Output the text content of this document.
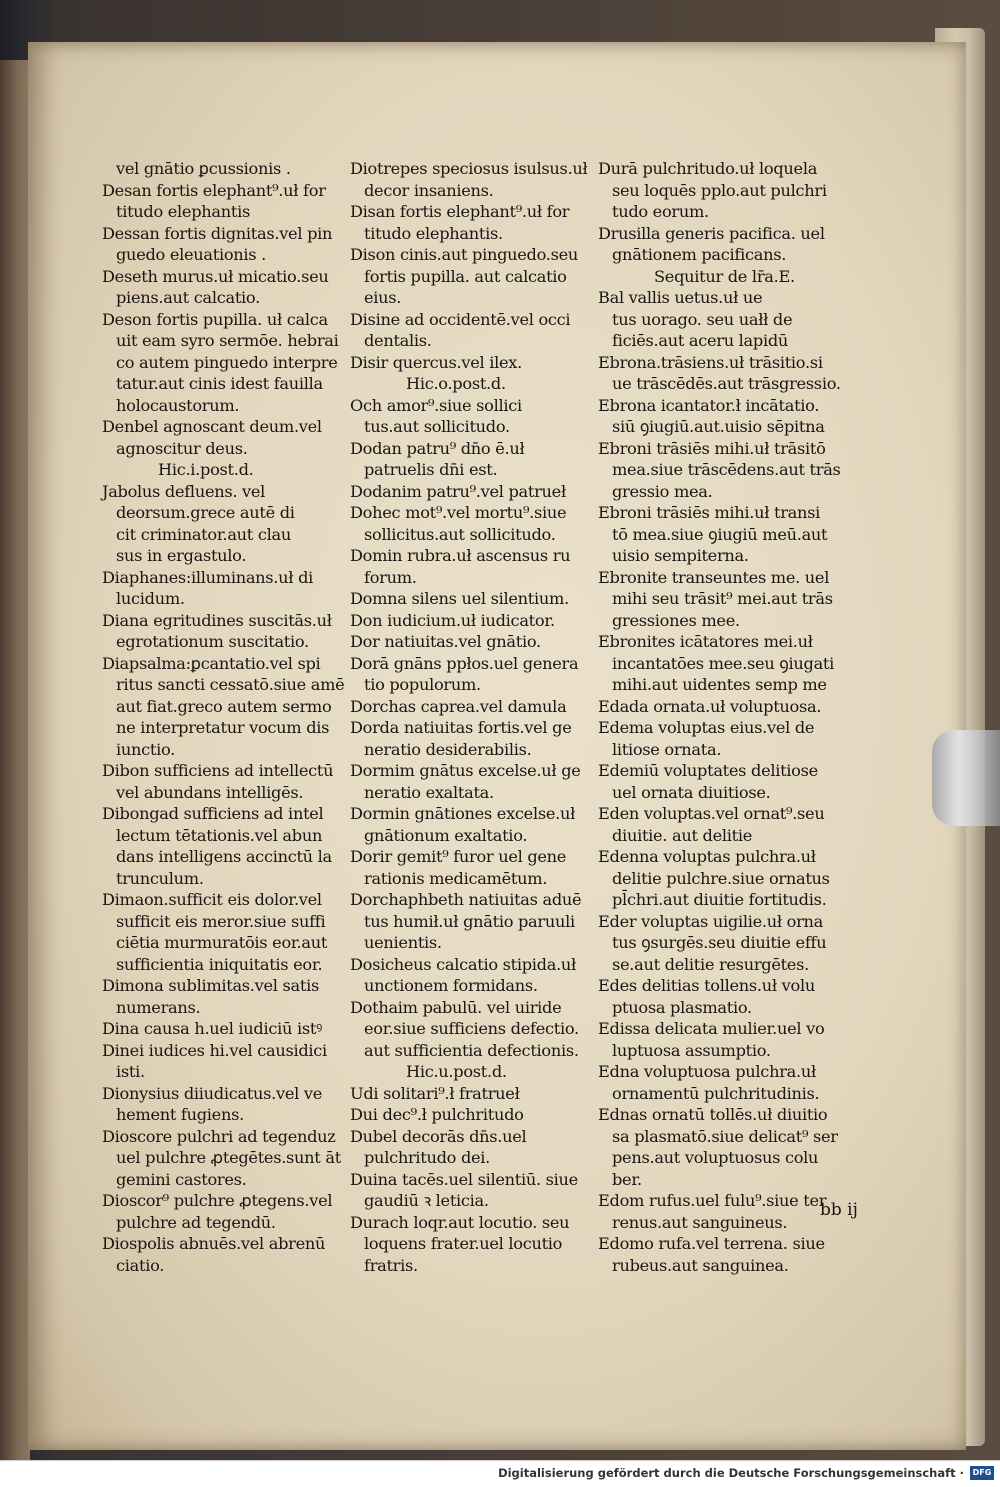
vel gnātio ꝑcussionis .
Desan fortis elephant⁹.uł for
titudo elephantis
Dessan fortis dignitas.vel pin
guedo eleuationis .
Deseth murus.uł micatio.seu
piens.aut calcatio.
Deson fortis pupilla. uł calca
uit eam syro sermōe. hebrai
co autem pinguedo interpre
tatur.aut cinis idest fauilla
holocaustorum.
Denbel agnoscant deum.vel
agnoscitur deus.
Hic.i.post.d.
Jabolus defluens. vel
deorsum.grece autē di
cit criminator.aut clau
sus in ergastulo.
Diaphanes:illuminans.uł di
lucidum.
Diana egritudines suscitās.uł
egrotationum suscitatio.
Diapsalma:ꝑcantatio.vel spi
ritus sancti cessatō.siue amē
aut fiat.greco autem sermo
ne interpretatur vocum dis
iunctio.
Dibon sufficiens ad intellectū
vel abundans intelligēs.
Dibongad sufficiens ad intel
lectum tētationis.vel abun
dans intelligens accinctū la
trunculum.
Dimaon.sufficit eis dolor.vel
sufficit eis meror.siue suffi
ciētia murmuratōis eor.aut
sufficientia iniquitatis eor.
Dimona sublimitas.vel satis
numerans.
Dina causa h.uel iudiciū istꝰ
Dinei iudices hi.vel causidici
isti.
Dionysius diiudicatus.vel ve
hement fugiens.
Dioscore pulchri ad tegenduz
uel pulchre ꝓtegētes.sunt āt
gemini castores.
Dioscor⁹ pulchre ꝓtegens.vel
pulchre ad tegendū.
Diospolis abnuēs.vel abrenū
ciatio.
Diotrepes speciosus isulsus.uł
decor insaniens.
Disan fortis elephant⁹.uł for
titudo elephantis.
Dison cinis.aut pinguedo.seu
fortis pupilla. aut calcatio
eius.
Disine ad occidentē.vel occi
dentalis.
Disir quercus.vel ilex.
Hic.o.post.d.
Och amor⁹.siue sollici
tus.aut sollicitudo.
Dodan patru⁹ dn̄o ē.uł
patruelis dn̄i est.
Dodanim patru⁹.vel patrueł
Dohec mot⁹.vel mortu⁹.siue
sollicitus.aut sollicitudo.
Domin rubra.uł ascensus ru
forum.
Domna silens uel silentium.
Don iudicium.uł iudicator.
Dor natiuitas.vel gnātio.
Dorā gnāns ppłos.uel genera
tio populorum.
Dorchas caprea.vel damula
Dorda natiuitas fortis.vel ge
neratio desiderabilis.
Dormim gnātus excelse.uł ge
neratio exaltata.
Dormin gnātiones excelse.uł
gnātionum exaltatio.
Dorir gemit⁹ furor uel gene
rationis medicamētum.
Dorchaphbeth natiuitas aduē
tus humił.uł gnātio paruuli
uenientis.
Dosicheus calcatio stipida.uł
unctionem formidans.
Dothaim pabulū. vel uiride
eor.siue sufficiens defectio.
aut sufficientia defectionis.
Hic.u.post.d.
Udi solitari⁹.ł fratrueł
Dui dec⁹.ł pulchritudo
Dubel decorās dn̄s.uel
pulchritudo dei.
Duina tacēs.uel silentiū. siue
gaudiū ꝛ leticia.
Durach loqr.aut locutio. seu
loquens frater.uel locutio
fratris.
Durā pulchritudo.uł loquela
seu loquēs pplo.aut pulchri
tudo eorum.
Drusilla generis pacifica. uel
gnātionem pacificans.
Sequitur de lr̄a.E.
Bal vallis uetus.uł ue
tus uorago. seu uałł de
ficiēs.aut aceru lapidū
Ebrona.trāsiens.uł trāsitio.si
ue trāscēdēs.aut trāsgressio.
Ebrona icantator.ł incātatio.
siū ꝯiugiū.aut.uisio sēpitna
Ebroni trāsiēs mihi.uł trāsitō
mea.siue trāscēdens.aut trās
gressio mea.
Ebroni trāsiēs mihi.uł transi
tō mea.siue ꝯiugiū meū.aut
uisio sempiterna.
Ebronite transeuntes me. uel
mihi seu trāsit⁹ mei.aut trās
gressiones mee.
Ebronites icātatores mei.uł
incantatōes mee.seu ꝯiugati
mihi.aut uidentes semp me
Edada ornata.uł voluptuosa.
Edema voluptas eius.vel de
litiose ornata.
Edemiū voluptates delitiose
uel ornata diuitiose.
Eden voluptas.vel ornat⁹.seu
diuitie. aut delitie
Edenna voluptas pulchra.uł
delitie pulchre.siue ornatus
pl̄chri.aut diuitie fortitudis.
Eder voluptas uigilie.uł orna
tus ꝯsurgēs.seu diuitie effu
se.aut delitie resurgētes.
Edes delitias tollens.uł volu
ptuosa plasmatio.
Edissa delicata mulier.uel vo
luptuosa assumptio.
Edna voluptuosa pulchra.uł
ornamentū pulchritudinis.
Ednas ornatū tollēs.uł diuitio
sa plasmatō.siue delicat⁹ ser
pens.aut voluptuosus colu
ber.
Edom rufus.uel fulu⁹.siue ter
renus.aut sanguineus.
Edomo rufa.vel terrena. siue
rubeus.aut sanguinea.
bb ij
Digitalisierung gefördert durch die Deutsche Forschungsgemeinschaft ·	DFG
